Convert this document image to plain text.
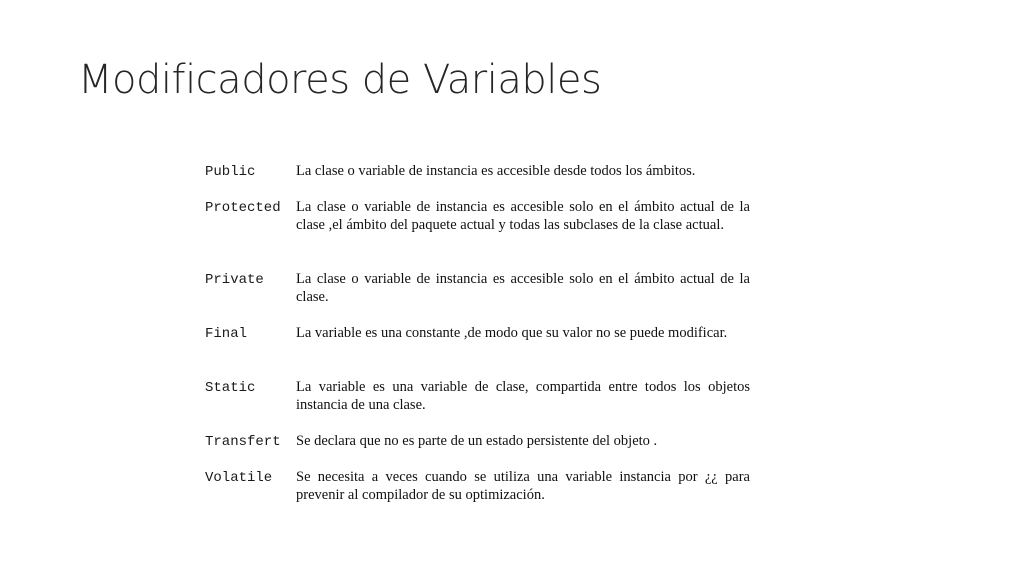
Modificadores de Variables
Public	La clase o variable de instancia es accesible desde todos los ámbitos.
Protected	La clase o variable de instancia es accesible solo en el ámbito actual de la clase ,el ámbito del paquete actual y todas las subclases de la clase actual.
Private	La clase o variable de instancia es accesible solo en el ámbito actual de la clase.
Final	La variable es una constante ,de modo que su valor no se puede modificar.
Static	La variable es una variable de clase, compartida entre todos los objetos instancia de una clase.
Transfert	Se declara que no es parte de un estado persistente del objeto .
Volatile	Se necesita a veces cuando se utiliza una variable instancia por ¿¿ para prevenir al compilador de su optimización.
